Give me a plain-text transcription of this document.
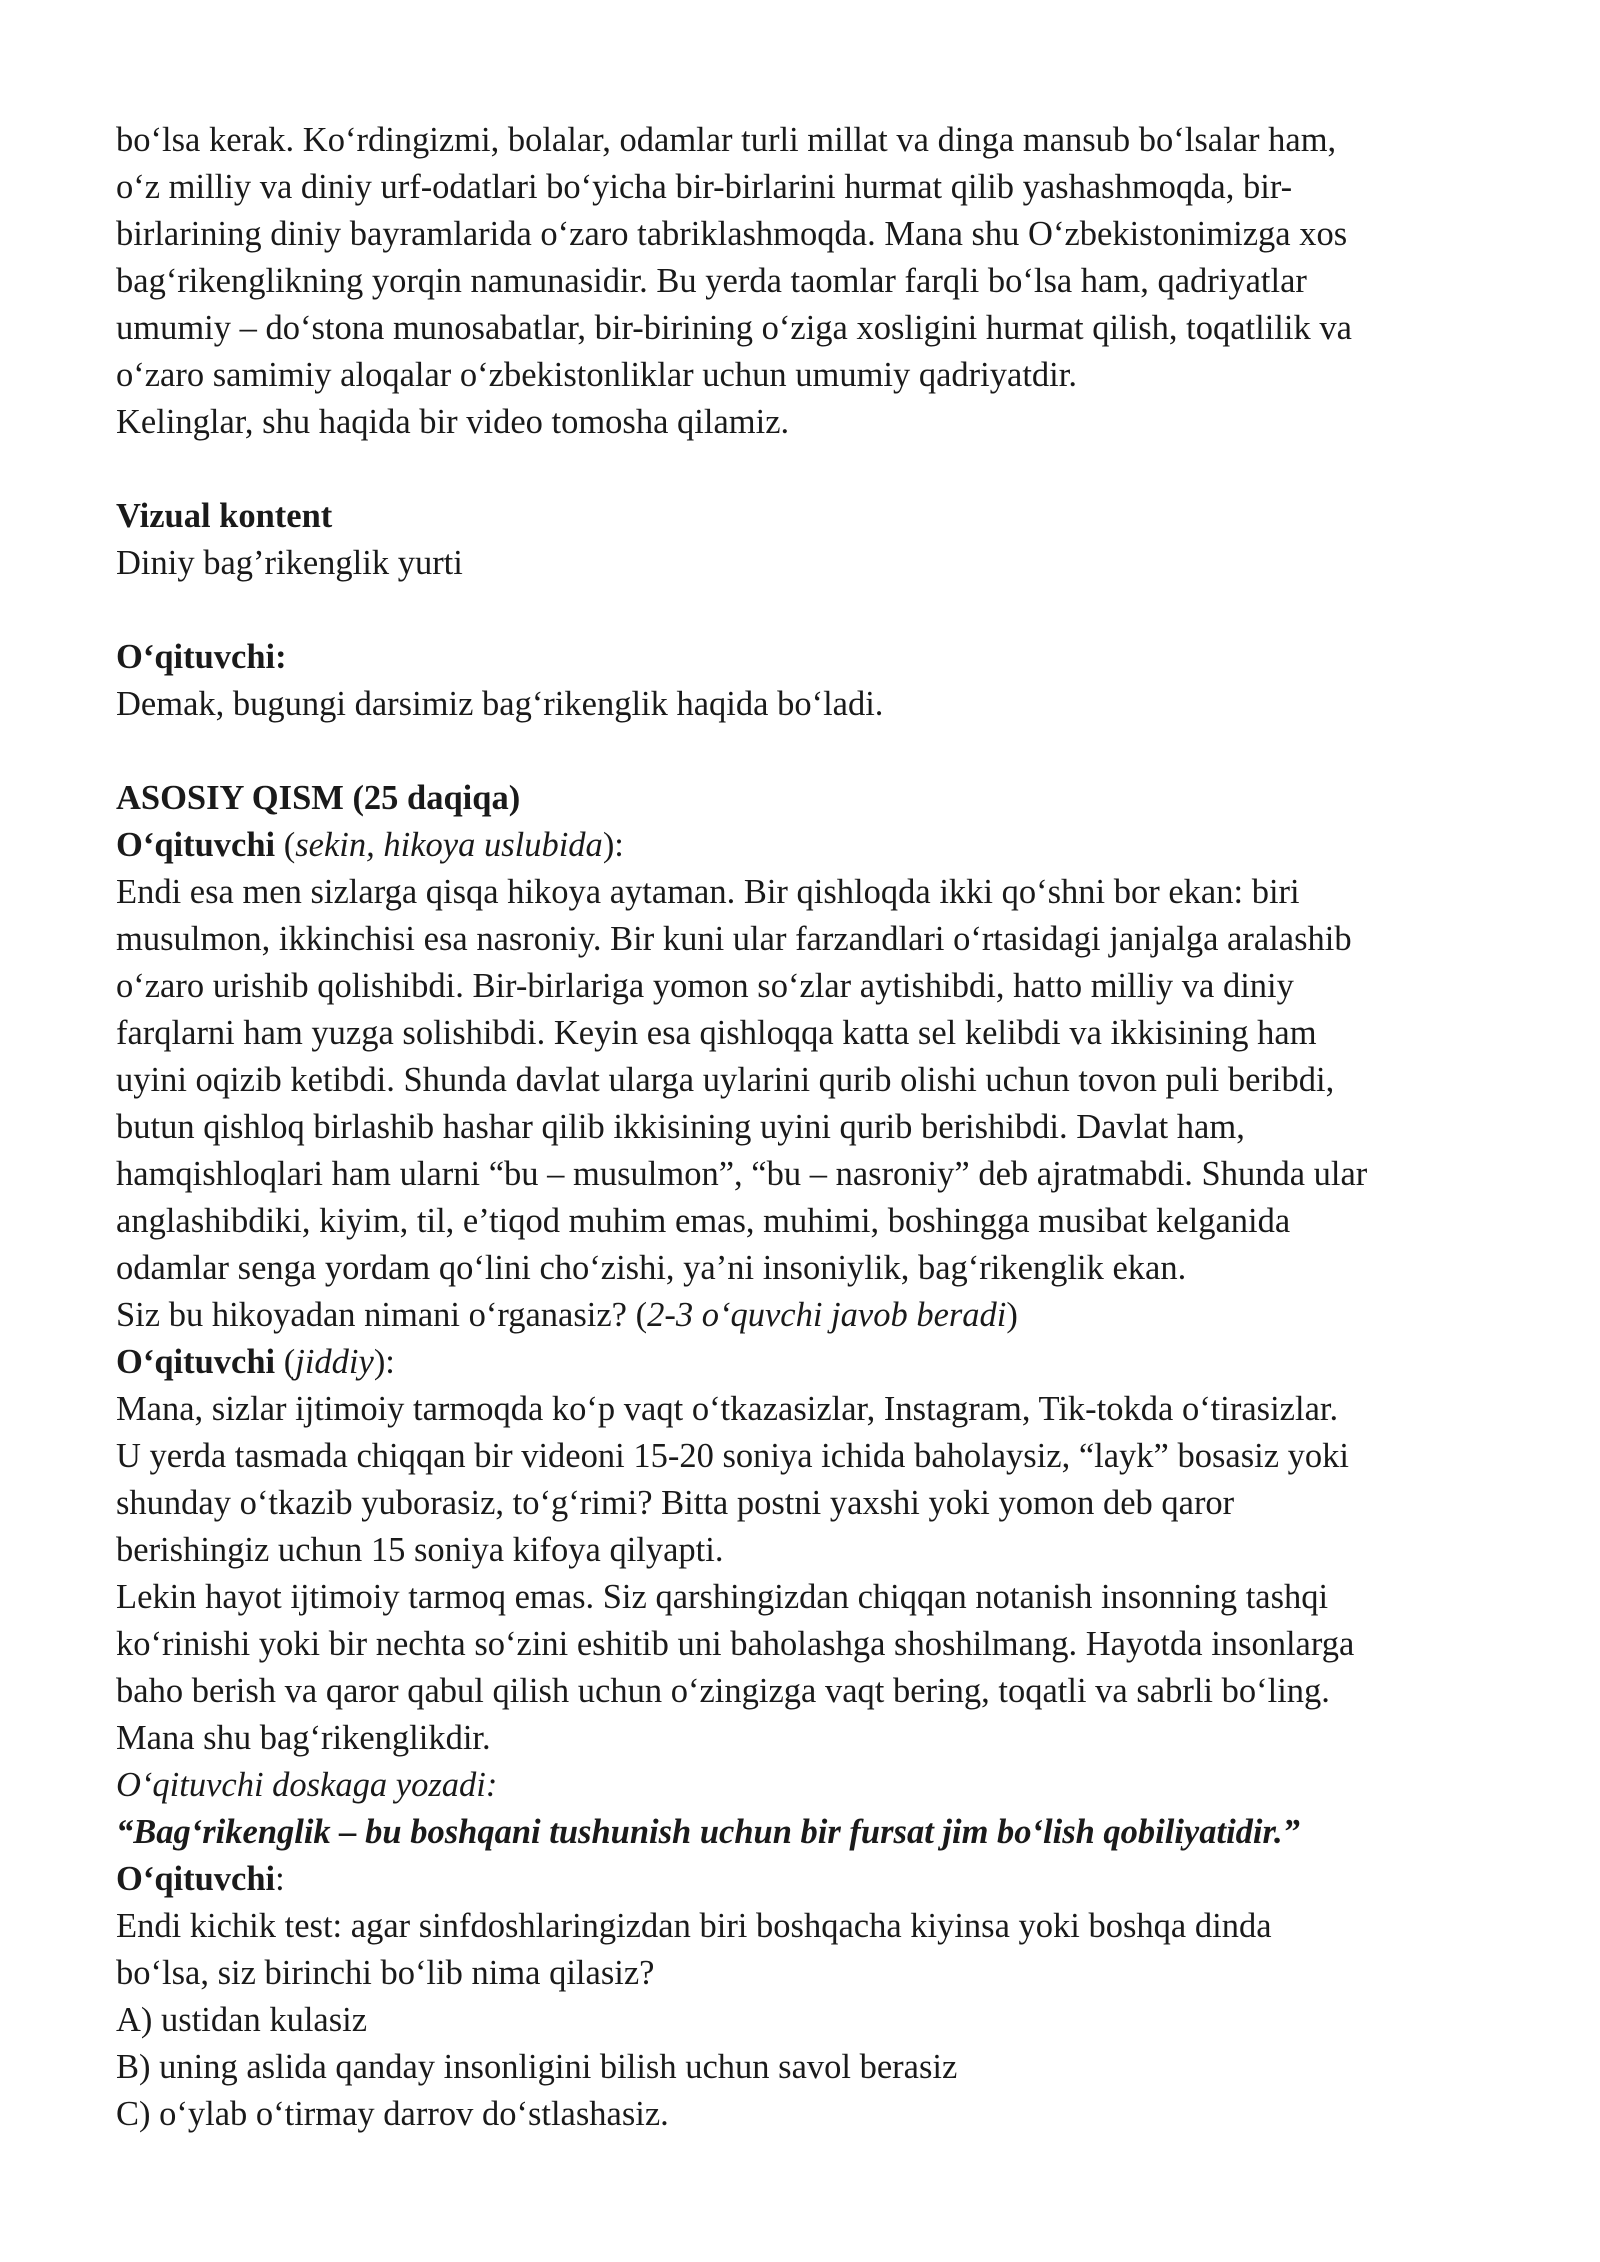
bo‘lsa kerak. Ko‘rdingizmi, bolalar, odamlar turli millat va dinga mansub bo‘lsalar ham,
o‘z milliy va diniy urf-odatlari bo‘yicha bir-birlarini hurmat qilib yashashmoqda, bir-
birlarining diniy bayramlarida o‘zaro tabriklashmoqda. Mana shu O‘zbekistonimizga xos
bag‘rikenglikning yorqin namunasidir. Bu yerda taomlar farqli bo‘lsa ham, qadriyatlar
umumiy – do‘stona munosabatlar, bir-birining o‘ziga xosligini hurmat qilish, toqatlilik va
o‘zaro samimiy aloqalar o‘zbekistonliklar uchun umumiy qadriyatdir.
Kelinglar, shu haqida bir video tomosha qilamiz.
Vizual kontent
Diniy bag’rikenglik yurti
O‘qituvchi:
Demak, bugungi darsimiz bag‘rikenglik haqida bo‘ladi.
ASOSIY QISM (25 daqiqa)
O‘qituvchi (sekin, hikoya uslubida):
Endi esa men sizlarga qisqa hikoya aytaman. Bir qishloqda ikki qo‘shni bor ekan: biri
musulmon, ikkinchisi esa nasroniy. Bir kuni ular farzandlari o‘rtasidagi janjalga aralashib
o‘zaro urishib qolishibdi. Bir-birlariga yomon so‘zlar aytishibdi, hatto milliy va diniy
farqlarni ham yuzga solishibdi. Keyin esa qishloqqa katta sel kelibdi va ikkisining ham
uyini oqizib ketibdi. Shunda davlat ularga uylarini qurib olishi uchun tovon puli beribdi,
butun qishloq birlashib hashar qilib ikkisining uyini qurib berishibdi. Davlat ham,
hamqishloqlari ham ularni “bu – musulmon”, “bu – nasroniy” deb ajratmabdi. Shunda ular
anglashibdiki, kiyim, til, e’tiqod muhim emas, muhimi, boshingga musibat kelganida
odamlar senga yordam qo‘lini cho‘zishi, ya’ni insoniylik, bag‘rikenglik ekan.
Siz bu hikoyadan nimani o‘rganasiz? (2-3 o‘quvchi javob beradi)
O‘qituvchi (jiddiy):
Mana, sizlar ijtimoiy tarmoqda ko‘p vaqt o‘tkazasizlar, Instagram, Tik-tokda o‘tirasizlar.
U yerda tasmada chiqqan bir videoni 15-20 soniya ichida baholaysiz, “layk” bosasiz yoki
shunday o‘tkazib yuborasiz, to‘g‘rimi? Bitta postni yaxshi yoki yomon deb qaror
berishingiz uchun 15 soniya kifoya qilyapti.
Lekin hayot ijtimoiy tarmoq emas. Siz qarshingizdan chiqqan notanish insonning tashqi
ko‘rinishi yoki bir nechta so‘zini eshitib uni baholashga shoshilmang. Hayotda insonlarga
baho berish va qaror qabul qilish uchun o‘zingizga vaqt bering, toqatli va sabrli bo‘ling.
Mana shu bag‘rikenglikdir.
O‘qituvchi doskaga yozadi:
“Bag‘rikenglik – bu boshqani tushunish uchun bir fursat jim bo‘lish qobiliyatidir.”
O‘qituvchi:
Endi kichik test: agar sinfdoshlaringizdan biri boshqacha kiyinsa yoki boshqa dinda
bo‘lsa, siz birinchi bo‘lib nima qilasiz?
A) ustidan kulasiz
B) uning aslida qanday insonligini bilish uchun savol berasiz
C) o‘ylab o‘tirmay darrov do‘stlashasiz.
